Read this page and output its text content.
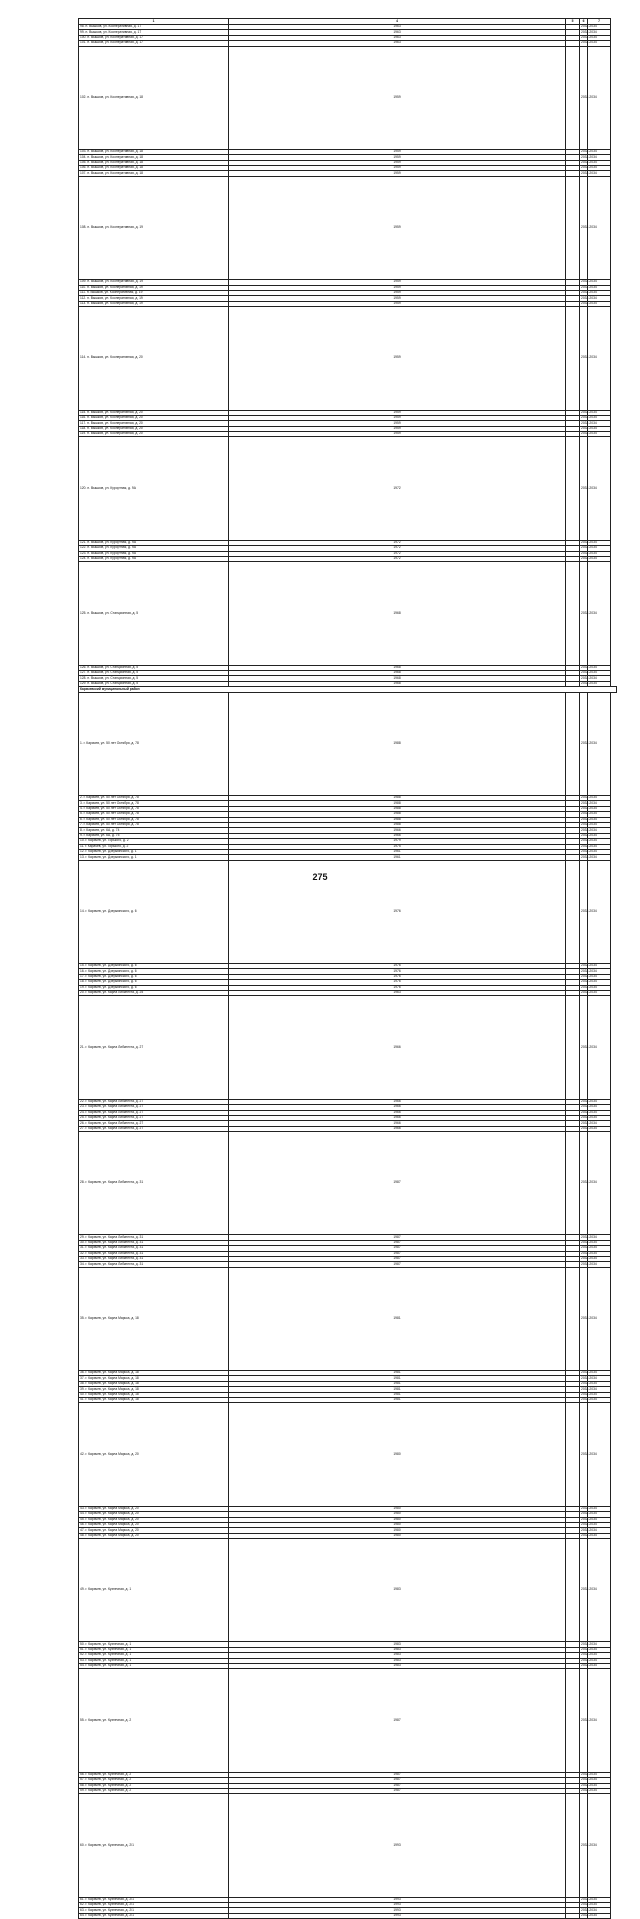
1		4	5	6	7
98. п. Вышков, ул. Кооперативная, д. 17		1963		2032-2034	
99. п. Вышков, ул. Кооперативная, д. 17		1963		2032-2034	
100. п. Вышков, ул. Кооперативная, д. 17		1963		2032-2034	
101. п. Вышков, ул. Кооперативная, д. 17		1963		2032-2034	
102. п. Вышков, ул. Кооперативная, д. 18		1959		2032-2034	
103. п. Вышков, ул. Кооперативная, д. 18		1959		2032-2034	
104. п. Вышков, ул. Кооперативная, д. 18		1959		2032-2034	
105. п. Вышков, ул. Кооперативная, д. 18		1959		2032-2034	
106. п. Вышков, ул. Кооперативная, д. 18		1959		2032-2034	
107. п. Вышков, ул. Кооперативная, д. 18		1959		2032-2034	
108. п. Вышков, ул. Кооперативная, д. 19		1959		2032-2034	
109. п. Вышков, ул. Кооперативная, д. 19		1959		2032-2034	
110. п. Вышков, ул. Кооперативная, д. 19		1959		2032-2034	
111. п. Вышков, ул. Кооперативная, д. 19		1959		2032-2034	
112. п. Вышков, ул. Кооперативная, д. 19		1959		2032-2034	
113. п. Вышков, ул. Кооперативная, д. 19		1959		2032-2034	
114. п. Вышков, ул. Кооперативная, д. 20		1959		2032-2034	
115. п. Вышков, ул. Кооперативная, д. 20		1959		2032-2034	
116. п. Вышков, ул. Кооперативная, д. 20		1959		2032-2034	
117. п. Вышков, ул. Кооперативная, д. 20		1959		2032-2034	
118. п. Вышков, ул. Кооперативная, д. 20		1959		2032-2034	
119. п. Вышков, ул. Кооперативная, д. 20		1959		2032-2034	
120. п. Вышков, ул. Курортная, д. 9А		1972		2032-2034	
121. п. Вышков, ул. Курортная, д. 9А		1972		2032-2034	
122. п. Вышков, ул. Курортная, д. 9А		1972		2032-2034	
123. п. Вышков, ул. Курортная, д. 9А		1972		2032-2034	
124. п. Вышков, ул. Курортная, д. 9А		1972		2032-2034	
125. п. Вышков, ул. Станционная, д. 5		1968		2032-2034	
126. п. Вышков, ул. Станционная, д. 5		1968		2032-2034	
127. п. Вышков, ул. Станционная, д. 5		1968		2032-2034	
128. п. Вышков, ул. Станционная, д. 5		1968		2032-2034	
129. п. Вышков, ул. Станционная, д. 5		1968		2032-2034	
Карачевский муниципальный район				
1. г. Карачев, ул. 50 лет Октября, д. 78		1988		2032-2034	
2. г. Карачев, ул. 50 лет Октября, д. 78		1988		2032-2034	
3. г. Карачев, ул. 50 лет Октября, д. 78		1988		2032-2034	
4. г. Карачев, ул. 50 лет Октября, д. 78		1988		2032-2034	
5. г. Карачев, ул. 50 лет Октября, д. 78		1988		2032-2034	
6. г. Карачев, ул. 50 лет Октября, д. 78		1988		2032-2034	
7. г. Карачев, ул. 50 лет Октября, д. 78		1988		2032-2034	
8. г. Карачев, ул. 6А, д. 74		1966		2032-2034	
9. г. Карачев, ул. 6А, д. 75		1966		2032-2034	
10. г. Карачев, ул. Горького, д. 2		1979		2032-2034	
11. г. Карачев, ул. Горького, д. 2		1975		2032-2034	
12. г. Карачев, ул. Дзержинского, д. 1		1961		2032-2034	
13. г. Карачев, ул. Дзержинского, д. 1		1961		2032-2034	
14. г. Карачев, ул. Дзержинского, д. 6		1976		2032-2034	
15. г. Карачев, ул. Дзержинского, д. 6		1976		2032-2034	
16. г. Карачев, ул. Дзержинского, д. 6		1976		2032-2034	
17. г. Карачев, ул. Дзержинского, д. 6		1976		2032-2034	
18. г. Карачев, ул. Дзержинского, д. 6		1976		2032-2034	
19. г. Карачев, ул. Дзержинского, д. 6		1976		2032-2034	
20. г. Карачев, ул. Карла Либкнехта, д. 25		1963		2032-2034	
21. г. Карачев, ул. Карла Либкнехта, д. 27		1966		2032-2034	
22. г. Карачев, ул. Карла Либкнехта, д. 27		1966		2032-2034	
23. г. Карачев, ул. Карла Либкнехта, д. 27		1966		2032-2034	
24. г. Карачев, ул. Карла Либкнехта, д. 27		1966		2032-2034	
25. г. Карачев, ул. Карла Либкнехта, д. 27		1966		2032-2034	
26. г. Карачев, ул. Карла Либкнехта, д. 27		1966		2032-2034	
27. г. Карачев, ул. Карла Либкнехта, д. 27		1966		2032-2034	
28. г. Карачев, ул. Карла Либкнехта, д. 31		1987		2032-2034	
29. г. Карачев, ул. Карла Либкнехта, д. 31		1987		2032-2034	
30. г. Карачев, ул. Карла Либкнехта, д. 31		1987		2032-2034	
31. г. Карачев, ул. Карла Либкнехта, д. 31		1987		2032-2034	
32. г. Карачев, ул. Карла Либкнехта, д. 31		1987		2032-2034	
33. г. Карачев, ул. Карла Либкнехта, д. 31		1987		2032-2034	
34. г. Карачев, ул. Карла Либкнехта, д. 31		1987		2032-2034	
35. г. Карачев, ул. Карла Маркса, д. 18		1981		2032-2034	
36. г. Карачев, ул. Карла Маркса, д. 18		1981		2032-2034	
37. г. Карачев, ул. Карла Маркса, д. 18		1981		2032-2034	
38. г. Карачев, ул. Карла Маркса, д. 18		1981		2032-2034	
39. г. Карачев, ул. Карла Маркса, д. 18		1981		2032-2034	
40. г. Карачев, ул. Карла Маркса, д. 18		1981		2032-2034	
41. г. Карачев, ул. Карла Маркса, д. 18		1981		2032-2034	
42. г. Карачев, ул. Карла Маркса, д. 20		1980		2032-2034	
43. г. Карачев, ул. Карла Маркса, д. 20		1980		2032-2034	
44. г. Карачев, ул. Карла Маркса, д. 20		1980		2032-2034	
45. г. Карачев, ул. Карла Маркса, д. 20		1980		2032-2034	
46. г. Карачев, ул. Карла Маркса, д. 20		1980		2032-2034	
47. г. Карачев, ул. Карла Маркса, д. 20		1980		2032-2034	
48. г. Карачев, ул. Карла Маркса, д. 20		1980		2032-2034	
49. г. Карачев, ул. Кузнечная, д. 1		1983		2032-2034	
50. г. Карачев, ул. Кузнечная, д. 1		1983		2032-2034	
51. г. Карачев, ул. Кузнечная, д. 1		1983		2032-2034	
52. г. Карачев, ул. Кузнечная, д. 1		1983		2032-2034	
53. г. Карачев, ул. Кузнечная, д. 1		1983		2032-2034	
54. г. Карачев, ул. Кузнечная, д. 1		1983		2032-2034	
55. г. Карачев, ул. Кузнечная, д. 2		1987		2032-2034	
56. г. Карачев, ул. Кузнечная, д. 2		1987		2032-2034	
57. г. Карачев, ул. Кузнечная, д. 2		1987		2032-2034	
58. г. Карачев, ул. Кузнечная, д. 2		1987		2032-2034	
59. г. Карачев, ул. Кузнечная, д. 2		1987		2032-2034	
60. г. Карачев, ул. Кузнечная, д. 2/1		1993		2032-2034	
61. г. Карачев, ул. Кузнечная, д. 2/1		1993		2032-2034	
62. г. Карачев, ул. Кузнечная, д. 2/1		1993		2032-2034	
63. г. Карачев, ул. Кузнечная, д. 2/1		1993		2032-2034	
64. г. Карачев, ул. Кузнечная, д. 2/1		1993		2032-2034	
275
